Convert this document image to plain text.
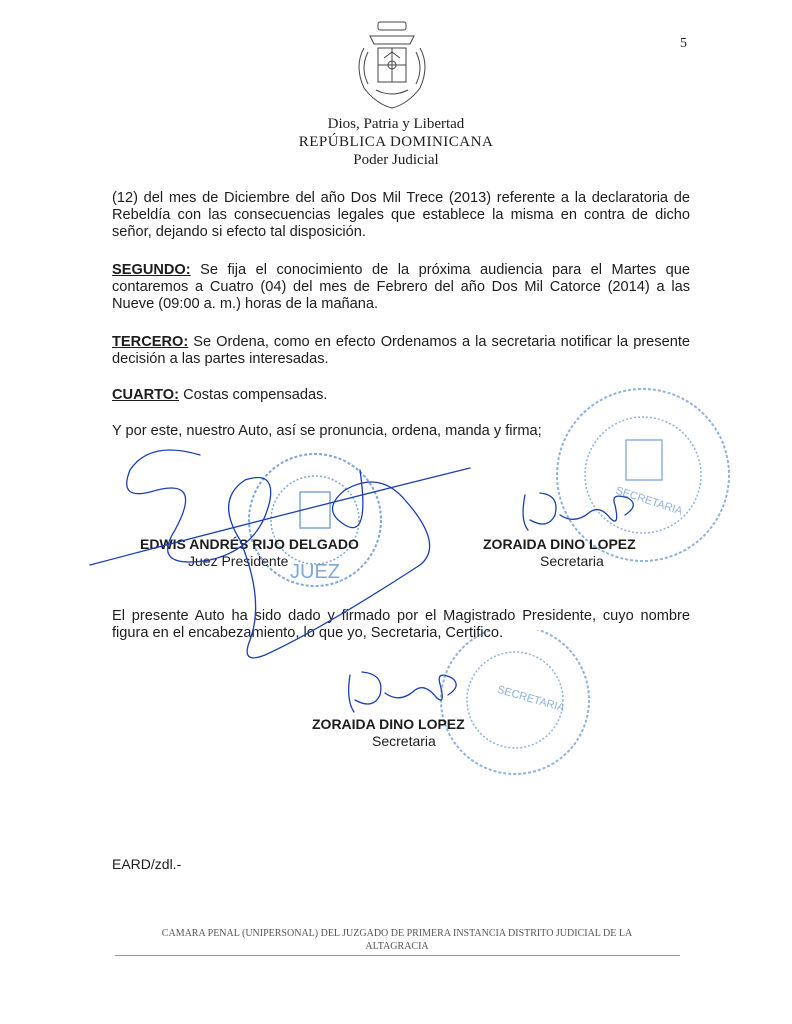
5
Dios, Patria y Libertad
REPÚBLICA DOMINICANA
Poder Judicial
(12) del mes de Diciembre del año Dos Mil Trece (2013) referente a la declaratoria de Rebeldía con las consecuencias legales que establece la misma en contra de dicho señor, dejando si efecto tal disposición.
SEGUNDO: Se fija el conocimiento de la próxima audiencia para el Martes que contaremos a Cuatro (04) del mes de Febrero del año Dos Mil Catorce (2014) a las Nueve (09:00 a. m.) horas de la mañana.
TERCERO: Se Ordena, como en efecto Ordenamos a la secretaria notificar la presente decisión a las partes interesadas.
CUARTO: Costas compensadas.
Y por este, nuestro Auto, así se pronuncia, ordena, manda y firma;
JUEZ
SECRETARIA
SECRETARIA
EDWIS ANDRÉS RIJO DELGADO
Juez Presidente
ZORAIDA DINO LOPEZ
Secretaria
El presente Auto ha sido dado y firmado por el Magistrado Presidente, cuyo nombre figura en el encabezamiento, lo que yo, Secretaria, Certifico.
ZORAIDA DINO LOPEZ
Secretaria
EARD/zdl.-
CAMARA PENAL (UNIPERSONAL) DEL JUZGADO DE PRIMERA INSTANCIA DISTRITO JUDICIAL DE LA
ALTAGRACIA
